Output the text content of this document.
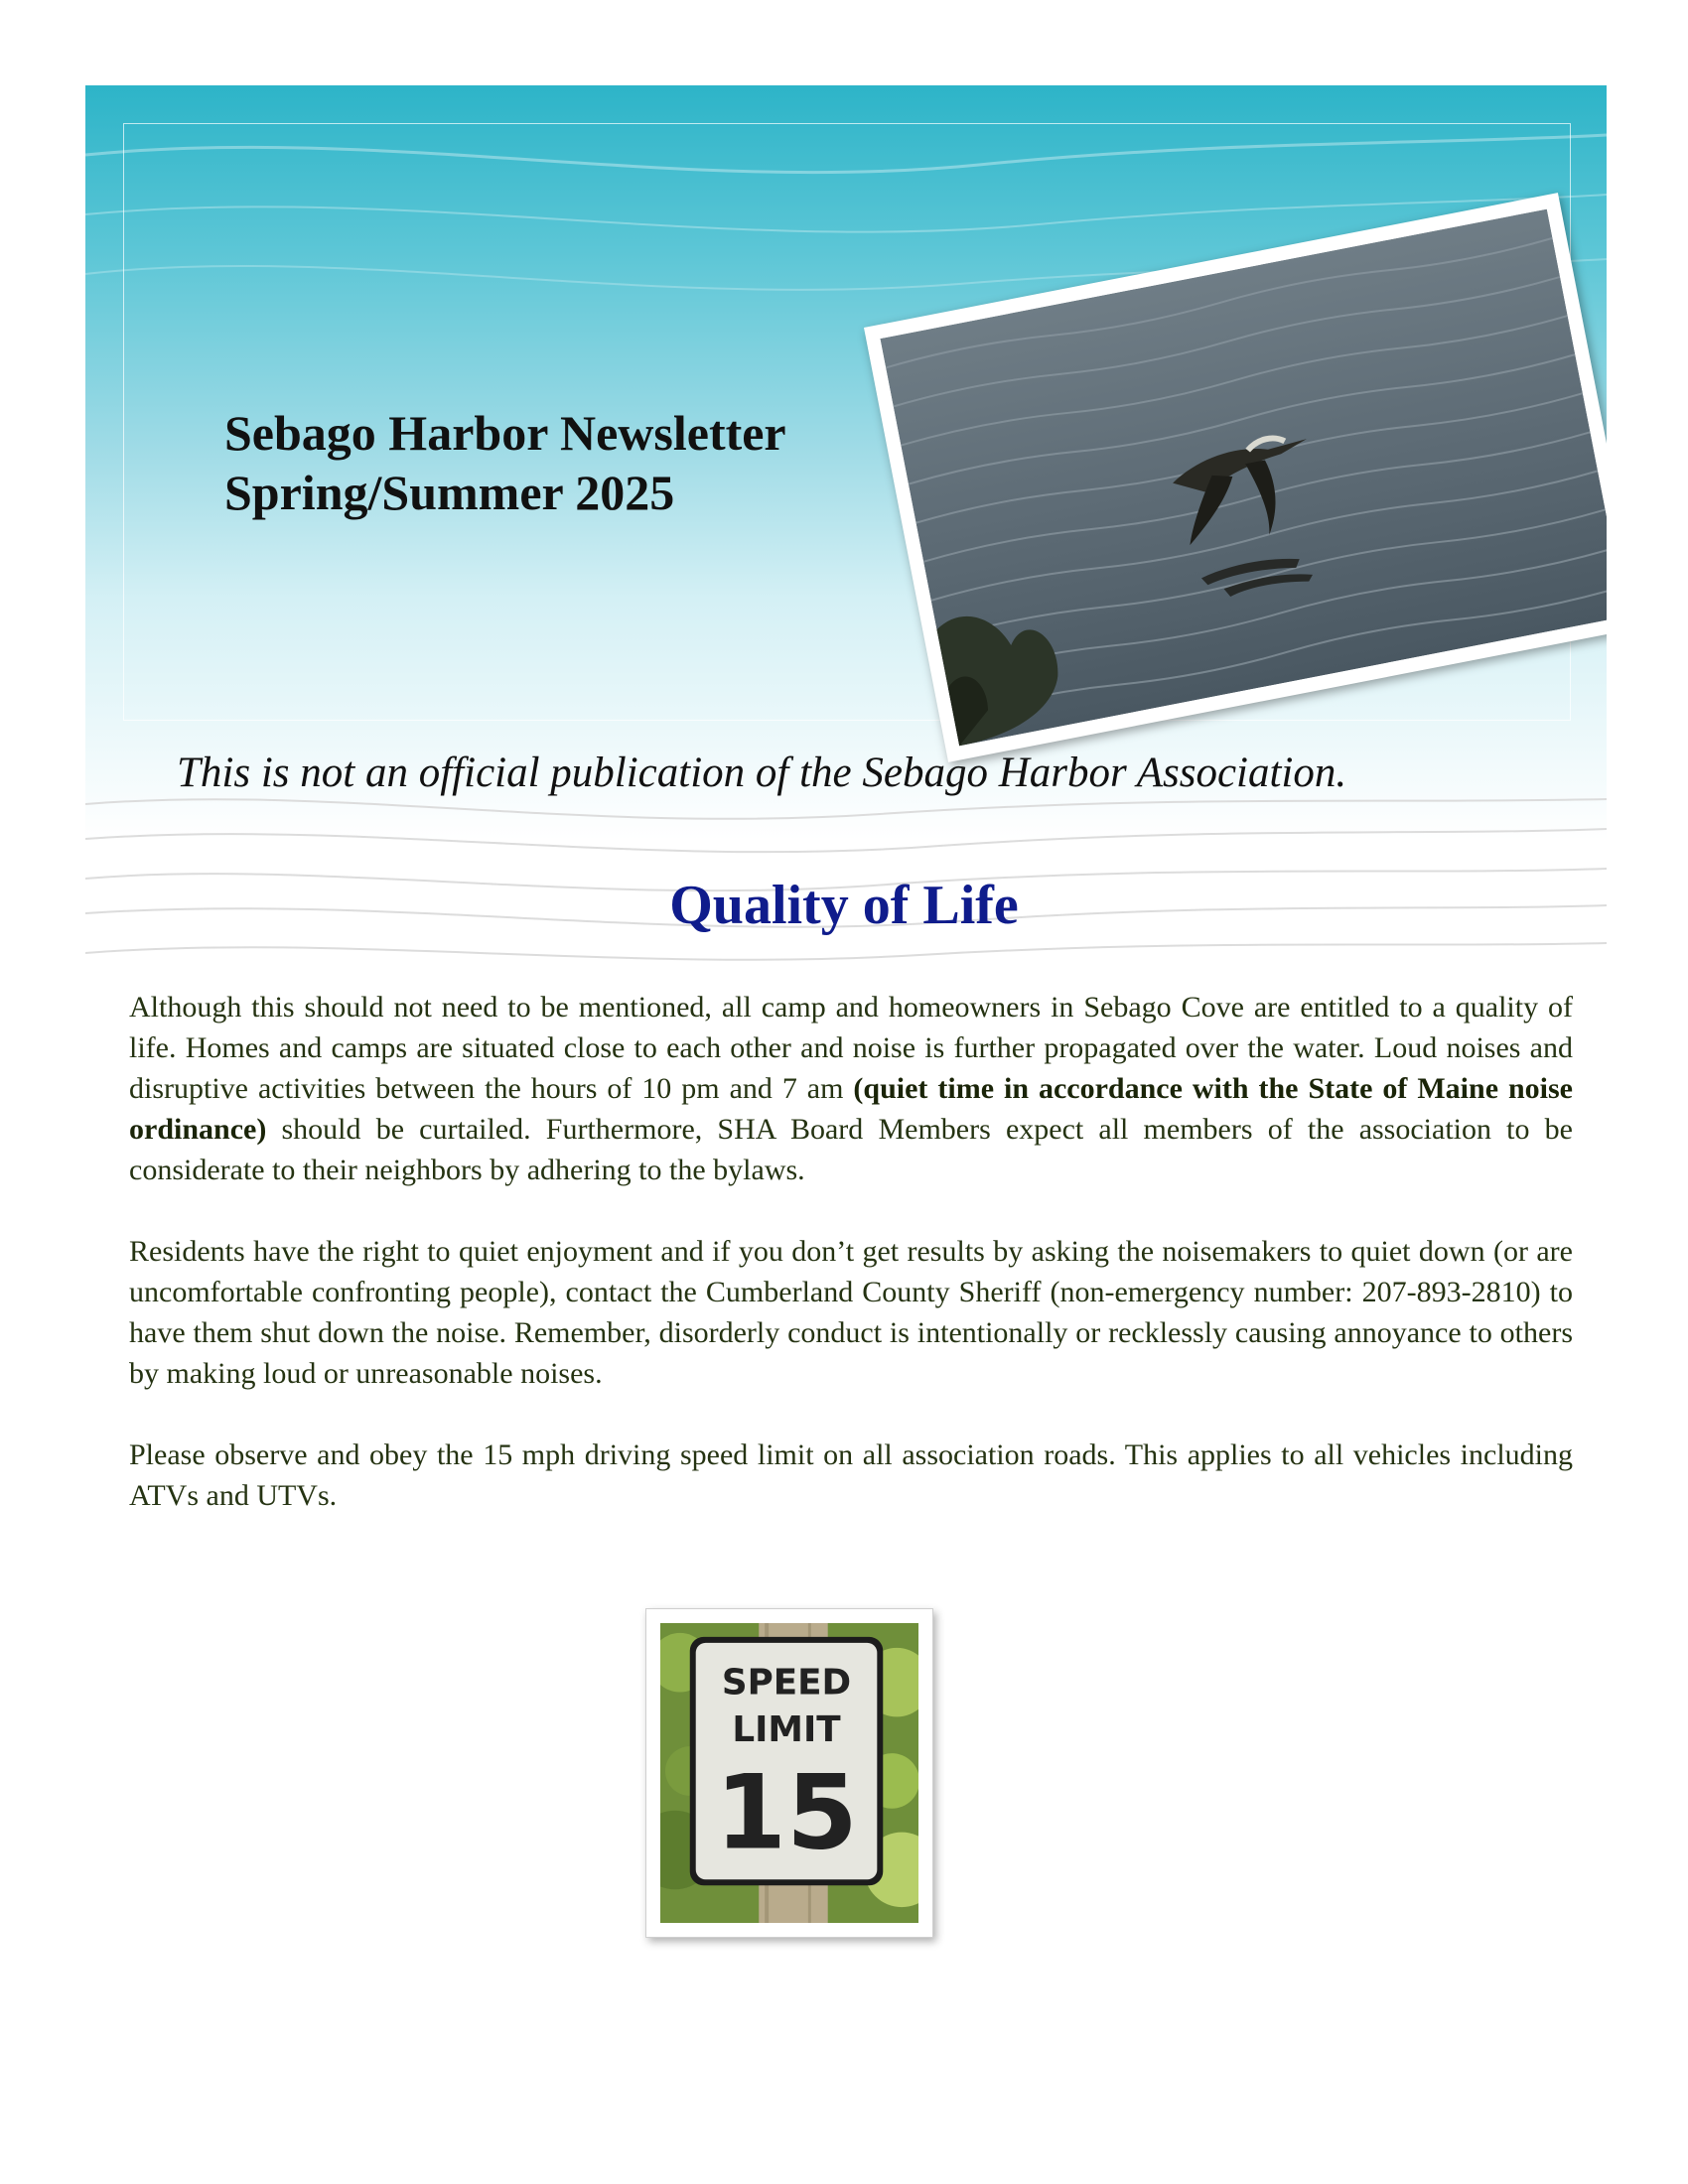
Sebago Harbor Newsletter
Spring/Summer 2025

This is not an official publication of the Sebago Harbor Association.

Quality of Life

Although this should not need to be mentioned, all camp and homeowners in Sebago Cove are entitled to a quality of life. Homes and camps are situated close to each other and noise is further propagated over the water. Loud noises and disruptive activities between the hours of 10 pm and 7 am (quiet time in accordance with the State of Maine noise ordinance) should be curtailed. Furthermore, SHA Board Members expect all members of the association to be considerate to their neighbors by adhering to the bylaws.

Residents have the right to quiet enjoyment and if you don’t get results by asking the noisemakers to quiet down (or are uncomfortable confronting people), contact the Cumberland County Sheriff (non-emergency number: 207-893-2810) to have them shut down the noise. Remember, disorderly conduct is intentionally or recklessly causing annoyance to others by making loud or unreasonable noises.

Please observe and obey the 15 mph driving speed limit on all association roads. This applies to all vehicles including ATVs and UTVs.

SPEED
LIMIT
15
